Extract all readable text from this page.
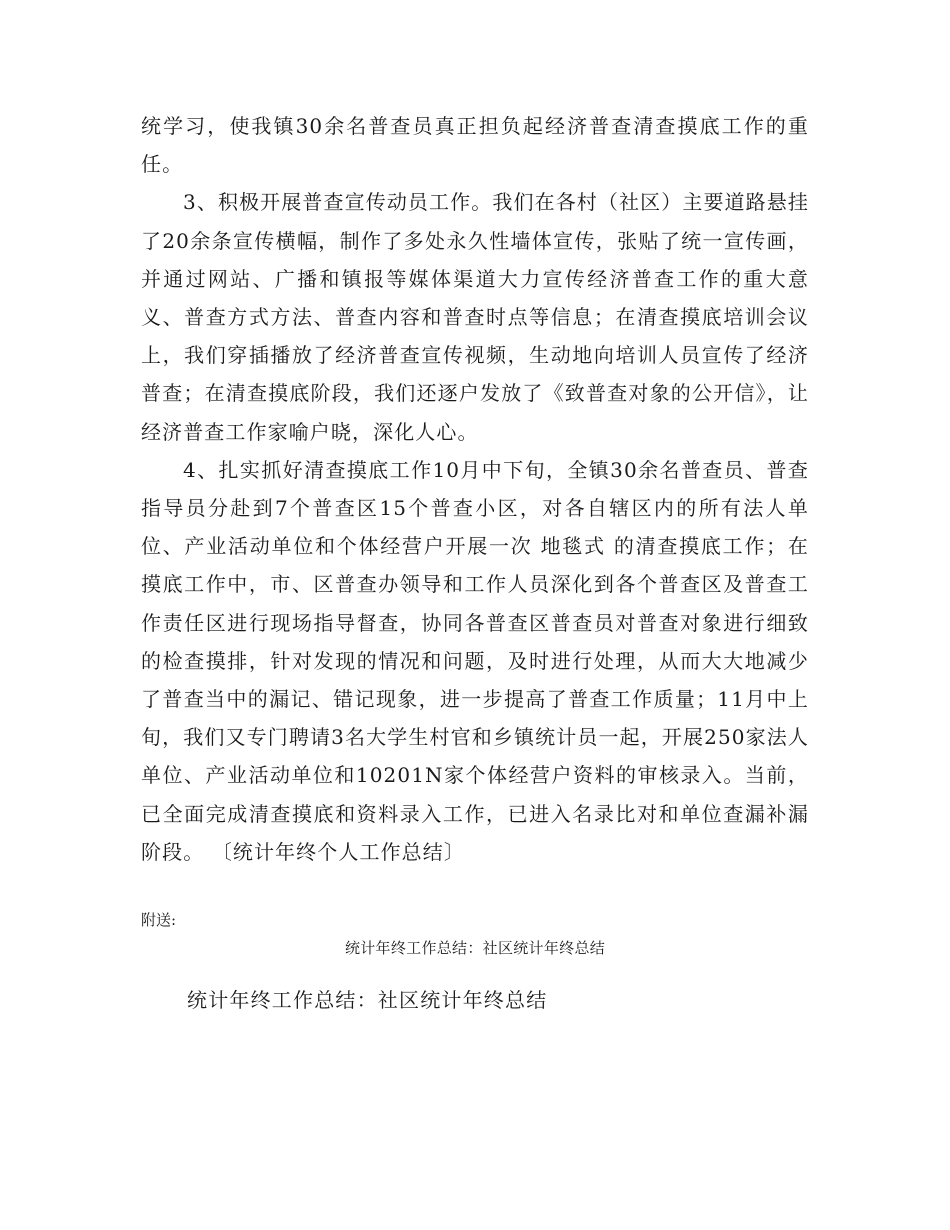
统学习，使我镇30余名普查员真正担负起经济普查清查摸底工作的重任。

3、积极开展普查宣传动员工作。我们在各村（社区）主要道路悬挂了20余条宣传横幅，制作了多处永久性墙体宣传，张贴了统一宣传画，并通过网站、广播和镇报等媒体渠道大力宣传经济普查工作的重大意义、普查方式方法、普查内容和普查时点等信息；在清查摸底培训会议上，我们穿插播放了经济普查宣传视频，生动地向培训人员宣传了经济普查；在清查摸底阶段，我们还逐户发放了《致普查对象的公开信》，让经济普查工作家喻户晓，深化人心。

4、扎实抓好清查摸底工作10月中下旬，全镇30余名普查员、普查指导员分赴到7个普查区15个普查小区，对各自辖区内的所有法人单位、产业活动单位和个体经营户开展一次 地毯式 的清查摸底工作；在摸底工作中，市、区普查办领导和工作人员深化到各个普查区及普查工作责任区进行现场指导督查，协同各普查区普查员对普查对象进行细致的检查摸排，针对发现的情况和问题，及时进行处理，从而大大地减少了普查当中的漏记、错记现象，进一步提高了普查工作质量；11月中上旬，我们又专门聘请3名大学生村官和乡镇统计员一起，开展250家法人单位、产业活动单位和10201N家个体经营户资料的审核录入。当前，已全面完成清查摸底和资料录入工作，已进入名录比对和单位查漏补漏阶段。 〔统计年终个人工作总结〕

附送:
统计年终工作总结：社区统计年终总结
统计年终工作总结：社区统计年终总结
